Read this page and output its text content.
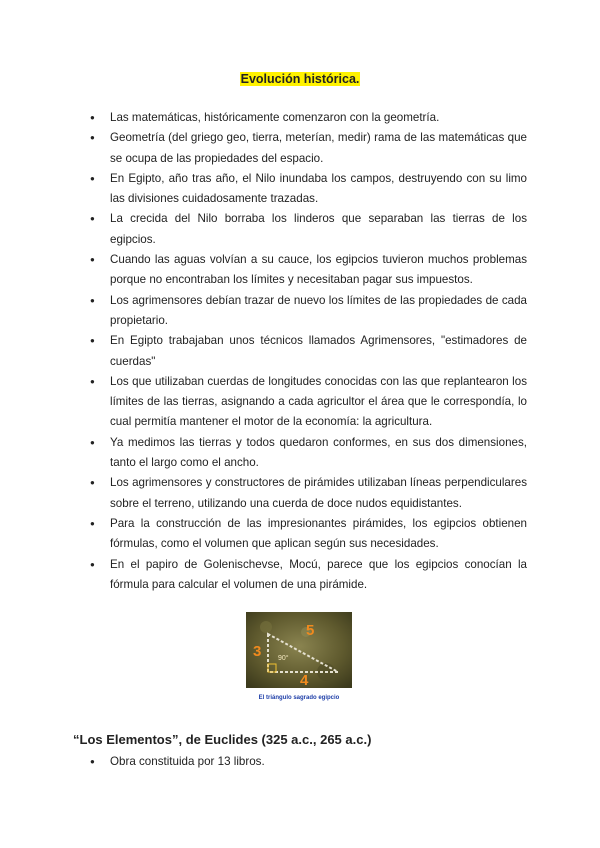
Evolución histórica.
● Las matemáticas, históricamente comenzaron con la geometría.
● Geometría (del griego geo, tierra, meterían, medir) rama de las matemáticas que se ocupa de las propiedades del espacio.
● En Egipto, año tras año, el Nilo inundaba los campos, destruyendo con su limo las divisiones cuidadosamente trazadas.
● La crecida del Nilo borraba los linderos que separaban las tierras de los egipcios.
● Cuando las aguas volvían a su cauce, los egipcios tuvieron muchos problemas porque no encontraban los límites y necesitaban pagar sus impuestos.
● Los agrimensores debían trazar de nuevo los límites de las propiedades de cada propietario.
● En Egipto trabajaban unos técnicos llamados Agrimensores, "estimadores de cuerdas"
● Los que utilizaban cuerdas de longitudes conocidas con las que replantearon los límites de las tierras, asignando a cada agricultor el área que le correspondía, lo cual permitía mantener el motor de la economía: la agricultura.
● Ya medimos las tierras y todos quedaron conformes, en sus dos dimensiones, tanto el largo como el ancho.
● Los agrimensores y constructores de pirámides utilizaban líneas perpendiculares sobre el terreno, utilizando una cuerda de doce nudos equidistantes.
● Para la construcción de las impresionantes pirámides, los egipcios obtienen fórmulas, como el volumen que aplican según sus necesidades.
● En el papiro de Golenischevse, Mocú, parece que los egipcios conocían la fórmula para calcular el volumen de una pirámide.
3
5
4
90°
El triángulo sagrado egipcio
“Los Elementos”, de Euclides (325 a.c., 265 a.c.)
● Obra constituida por 13 libros.
